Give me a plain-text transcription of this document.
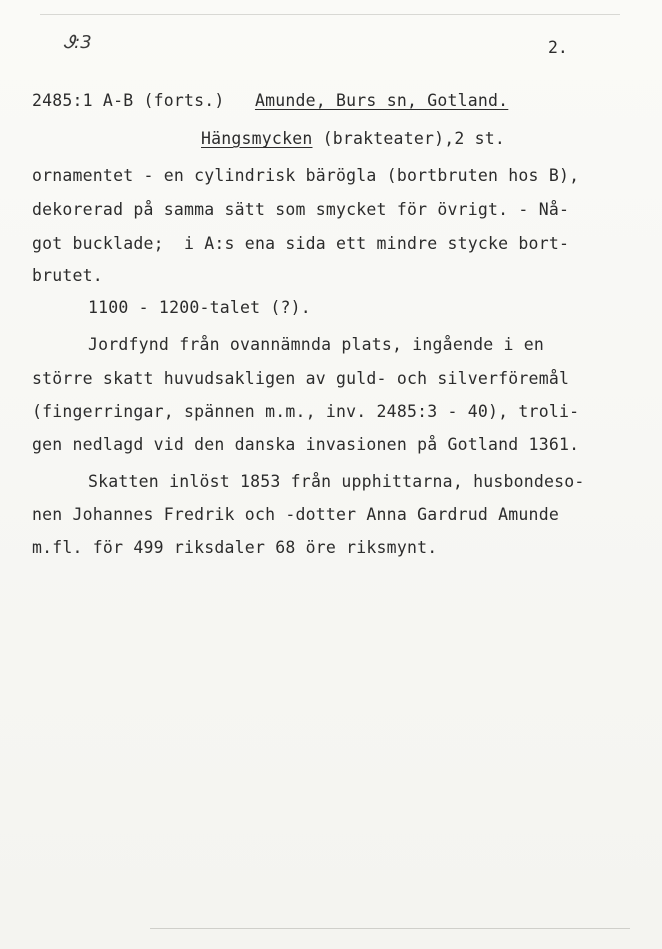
Ꮽ:3	2.
2485:1 A-B (forts.) Amunde, Burs sn, Gotland.
Hängsmycken (brakteater),2 st.
ornamentet - en cylindrisk bärögla (bortbruten hos B),
dekorerad på samma sätt som smycket för övrigt. - Nå-
got bucklade;  i A:s ena sida ett mindre stycke bort-
brutet.
1100 - 1200-talet (?).
Jordfynd från ovannämnda plats, ingående i en
större skatt huvudsakligen av guld- och silverföremål
(fingerringar, spännen m.m., inv. 2485:3 - 40), troli-
gen nedlagd vid den danska invasionen på Gotland 1361.
Skatten inlöst 1853 från upphittarna, husbondeso-
nen Johannes Fredrik och -dotter Anna Gardrud Amunde
m.fl. för 499 riksdaler 68 öre riksmynt.
